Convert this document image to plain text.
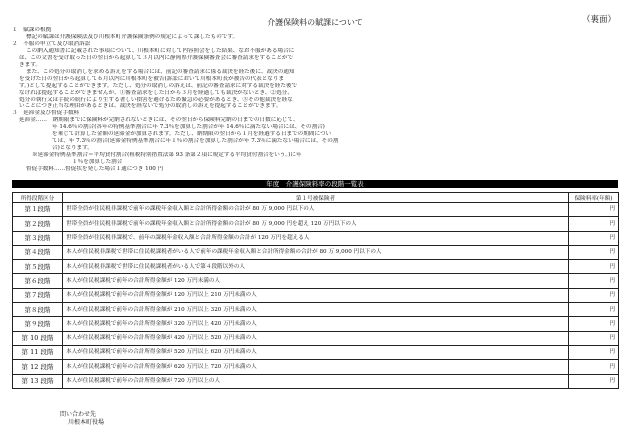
（裏面）
介護保険料の賦課について

１　賦課の根拠

標記の賦課は介護保険法及び川根本町介護保険条例の規定によって課したものです。

２　不服の申立て及び取消訴訟

この納入通知書に記載された事項について、川根本町に対して内容照会をした結果、なお不服がある場合に

は、この文書を受け取った日の翌日から起算して３月以内に静岡県介護保険審査会に審査請求をすることがで

きます。

また、この処分の取消しを求める訴えをする場合には、前記の審査請求に係る裁決を経た後に、裁決の通知

を受けた日の翌日から起算して６月以内に川根本町を被告(訴訟において川根本町長が被告の代表となりま

す。)として提起することができます。ただし、処分の取消しの訴えは、前記の審査請求に対する裁決を経た後で

なければ提起することができませんが、①審査請求をした日から３月を経過しても裁決がないとき、②処分、

処分の執行又は手続の続行により生ずる著しい損害を避けるため緊急の必要があるとき、③その他裁決を経な

いことにつき正当な理由があるときは、裁決を経ないで処分の取消しの訴えを提起することができます。

３　延滞金及び督促手数料

延滞金……　納期限までに保険料が完納されないときには、その翌日から保険料完納の日までの日数に応じて、

年 14.6％の割合(各年の特例基準割合に年 7.3％を加算した割合が年 14.6％に満たない場合には、その割合)

を乗じて計算した金額の延滞金が加算されます。ただし、納期限の翌日から１月を経過する日までの期間につい

ては、年 7.3％の割合(延滞金特例基準割合に年１％の割合を加算した割合が年 7.3％に満たない場合には、その割

合)となります。

※延滞金特例基準割合＝平均貸付割合(租税特別措置法第 93 条第２項に規定する平均貸付割合をいう。)に年

１％を加算した割合

督促手数料……督促状を発した場合１通につき 100 円

年度　介護保険料率の段階一覧表
所得段階区分	第１号被保険者	保険料率(年額)
第１段階	世帯全員が住民税非課税で前年の課税年金収入額と合計所得金額の合計が 80 万 9,000 円以下の人	円
第２段階	世帯全員が住民税非課税で前年の課税年金収入額と合計所得金額の合計が 80 万 9,000 円を超え 120 万円以下の人	円
第３段階	世帯全員が住民税非課税で、前年の課税年金収入額と合計所得金額の合計が 120 万円を超える人	円
第４段階	本人が住民税非課税で世帯に住民税課税者がいる人で前年の課税年金収入額と合計所得金額の合計が 80 万 9,000 円以下の人	円
第５段階	本人が住民税非課税で世帯に住民税課税者がいる人で第４段階以外の人	円
第６段階	本人が住民税課税で前年の合計所得金額が 120 万円未満の人	円
第７段階	本人が住民税課税で前年の合計所得金額が 120 万円以上 210 万円未満の人	円
第８段階	本人が住民税課税で前年の合計所得金額が 210 万円以上 320 万円未満の人	円
第９段階	本人が住民税課税で前年の合計所得金額が 320 万円以上 420 万円未満の人	円
第 10 段階	本人が住民税課税で前年の合計所得金額が 420 万円以上 520 万円未満の人	円
第 11 段階	本人が住民税課税で前年の合計所得金額が 520 万円以上 620 万円未満の人	円
第 12 段階	本人が住民税課税で前年の合計所得金額が 620 万円以上 720 万円未満の人	円
第 13 段階	本人が住民税課税で前年の合計所得金額が 720 万円以上の人	円
問い合わせ先
川根本町役場
